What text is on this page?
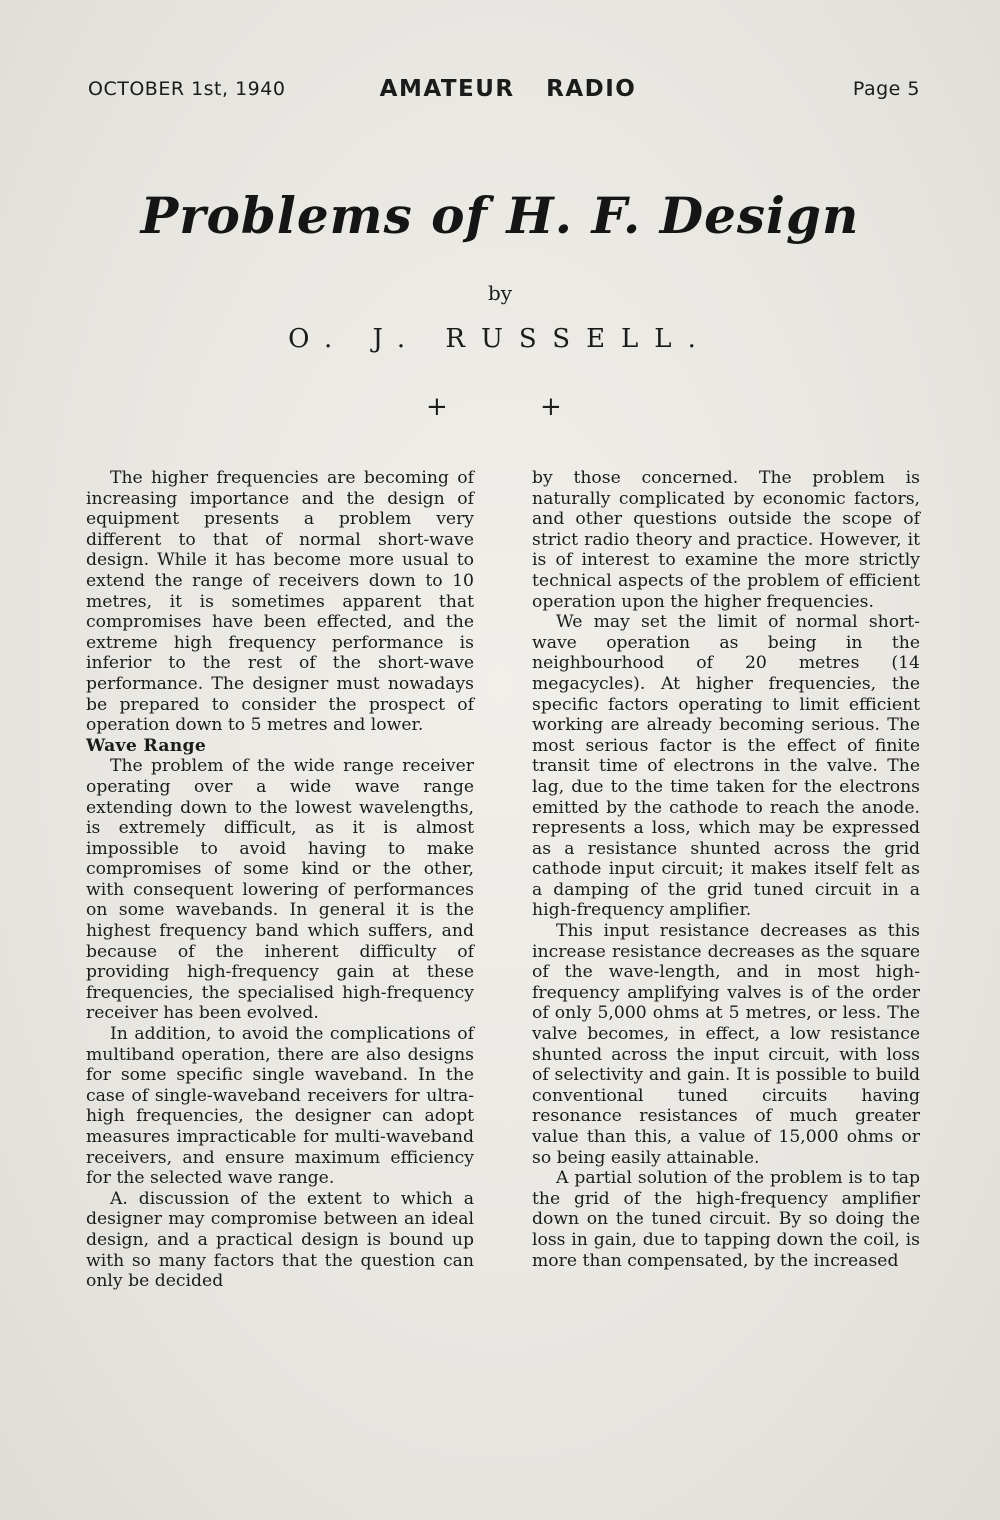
OCTOBER 1st, 1940	AMATEUR RADIO	Page 5
Problems of H. F. Design
by
O. J. RUSSELL.
+	+

The higher frequencies are becoming of increasing importance and the design of equipment presents a problem very different to that of normal short-wave design. While it has become more usual to extend the range of receivers down to 10 metres, it is sometimes apparent that compromises have been effected, and the extreme high frequency performance is inferior to the rest of the short-wave performance. The designer must nowadays be prepared to consider the prospect of operation down to 5 metres and lower.

Wave Range

The problem of the wide range receiver operating over a wide wave range extending down to the lowest wavelengths, is extremely difficult, as it is almost impossible to avoid having to make compromises of some kind or the other, with consequent lowering of performances on some wavebands. In general it is the highest frequency band which suffers, and because of the inherent difficulty of providing high-frequency gain at these frequencies, the specialised high-frequency receiver has been evolved.

In addition, to avoid the complications of multiband operation, there are also designs for some specific single waveband. In the case of single-waveband receivers for ultra-high frequencies, the designer can adopt measures impracticable for multi-waveband receivers, and ensure maximum efficiency for the selected wave range.

A. discussion of the extent to which a designer may compromise between an ideal design, and a practical design is bound up with so many factors that the question can only be decided

by those concerned. The problem is naturally complicated by economic factors, and other questions outside the scope of strict radio theory and practice. However, it is of interest to examine the more strictly technical aspects of the problem of efficient operation upon the higher frequencies.

We may set the limit of normal short-wave operation as being in the neighbourhood of 20 metres (14 megacycles). At higher frequencies, the specific factors operating to limit efficient working are already becoming serious. The most serious factor is the effect of finite transit time of electrons in the valve. The lag, due to the time taken for the electrons emitted by the cathode to reach the anode. represents a loss, which may be expressed as a resistance shunted across the grid cathode input circuit; it makes itself felt as a damping of the grid tuned circuit in a high-frequency amplifier.

This input resistance decreases as this increase resistance decreases as the square of the wave-length, and in most high-frequency amplifying valves is of the order of only 5,000 ohms at 5 metres, or less. The valve becomes, in effect, a low resistance shunted across the input circuit, with loss of selectivity and gain. It is possible to build conventional tuned circuits having resonance resistances of much greater value than this, a value of 15,000 ohms or so being easily attainable.

A partial solution of the problem is to tap the grid of the high-frequency amplifier down on the tuned circuit. By so doing the loss in gain, due to tapping down the coil, is more than compensated, by the increased
